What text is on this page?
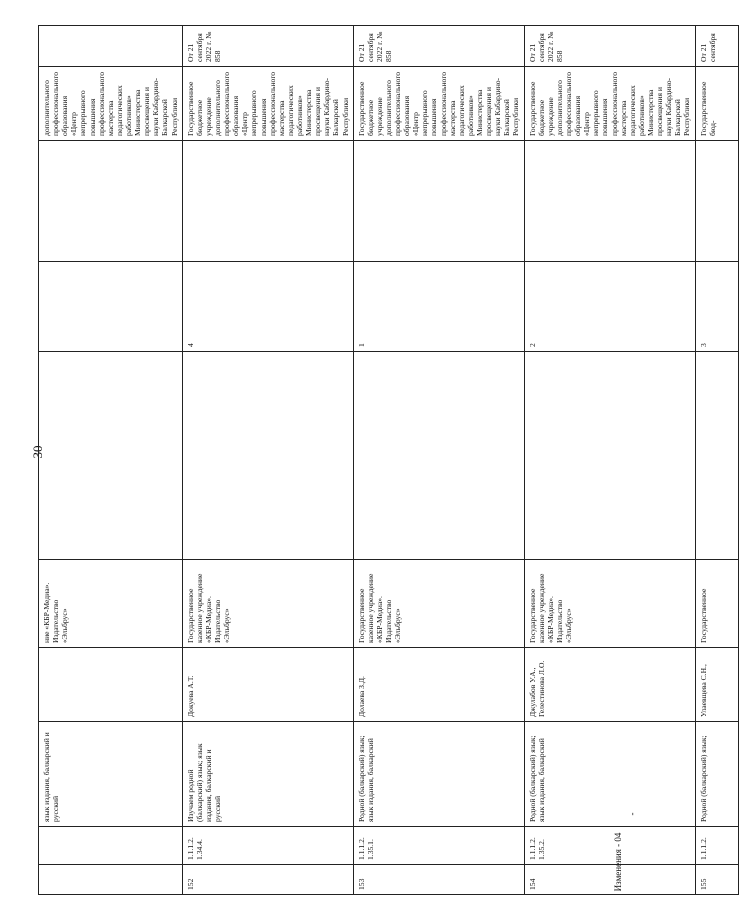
30

		язык издания, балкарский и русский		ние «КБР-Медиа». Издательство «Эльбрус»				дополнительного профессионального образования «Центр непрерывного повышения профессионального мастерства педагогических работников» Министерства просвещения и науки Кабардино-Балкарской Республики		

152	1.1.1.2. 1.34.4.	Изучаем родной (балкарский) язык; язык издания, балкарский и русский	Докуева А.Т.	Государственное казенное учреждение «КБР-Медиа». Издательство «Эльбрус»		4		Государственное бюджетное учреждение дополнительного профессионального образования «Центр непрерывного повышения профессионального мастерства педагогических работников» Министерства просвещения и науки Кабардино-Балкарской Республики	От 21 сентября 2022 г. № 858	
153	1.1.1.2. 1.35.1.	Родной (балкарский) язык; язык издания, балкарский	Долаева З.Д.	Государственное казенное учреждение «КБР-Медиа». Издательство «Эльбрус»		1		Государственное бюджетное учреждение дополнительного профессионального образования «Центр непрерывного повышения профессионального мастерства педагогических работников» Министерства просвещения и науки Кабардино-Балкарской Республики	От 21 сентября 2022 г. № 858	
154	1.1.1.2. 1.35.2.	Родной (балкарский) язык; язык издания, балкарский	Джулабов У.А., Гелестинова Л.О.	Государственное казенное учреждение «КБР-Медиа». Издательство «Эльбрус»		2		Государственное бюджетное учреждение дополнительного профессионального образования «Центр непрерывного повышения профессионального мастерства педагогических работников» Министерства просвещения и науки Кабардино-Балкарской Республики	От 21 сентября 2022 г. № 858	
155	1.1.1.2.	Родной (балкарский) язык;	Улаевщева С.Н.,	Государственное		3		Государственное бюд-	От 21 сентября	
Изменения - 04
-
